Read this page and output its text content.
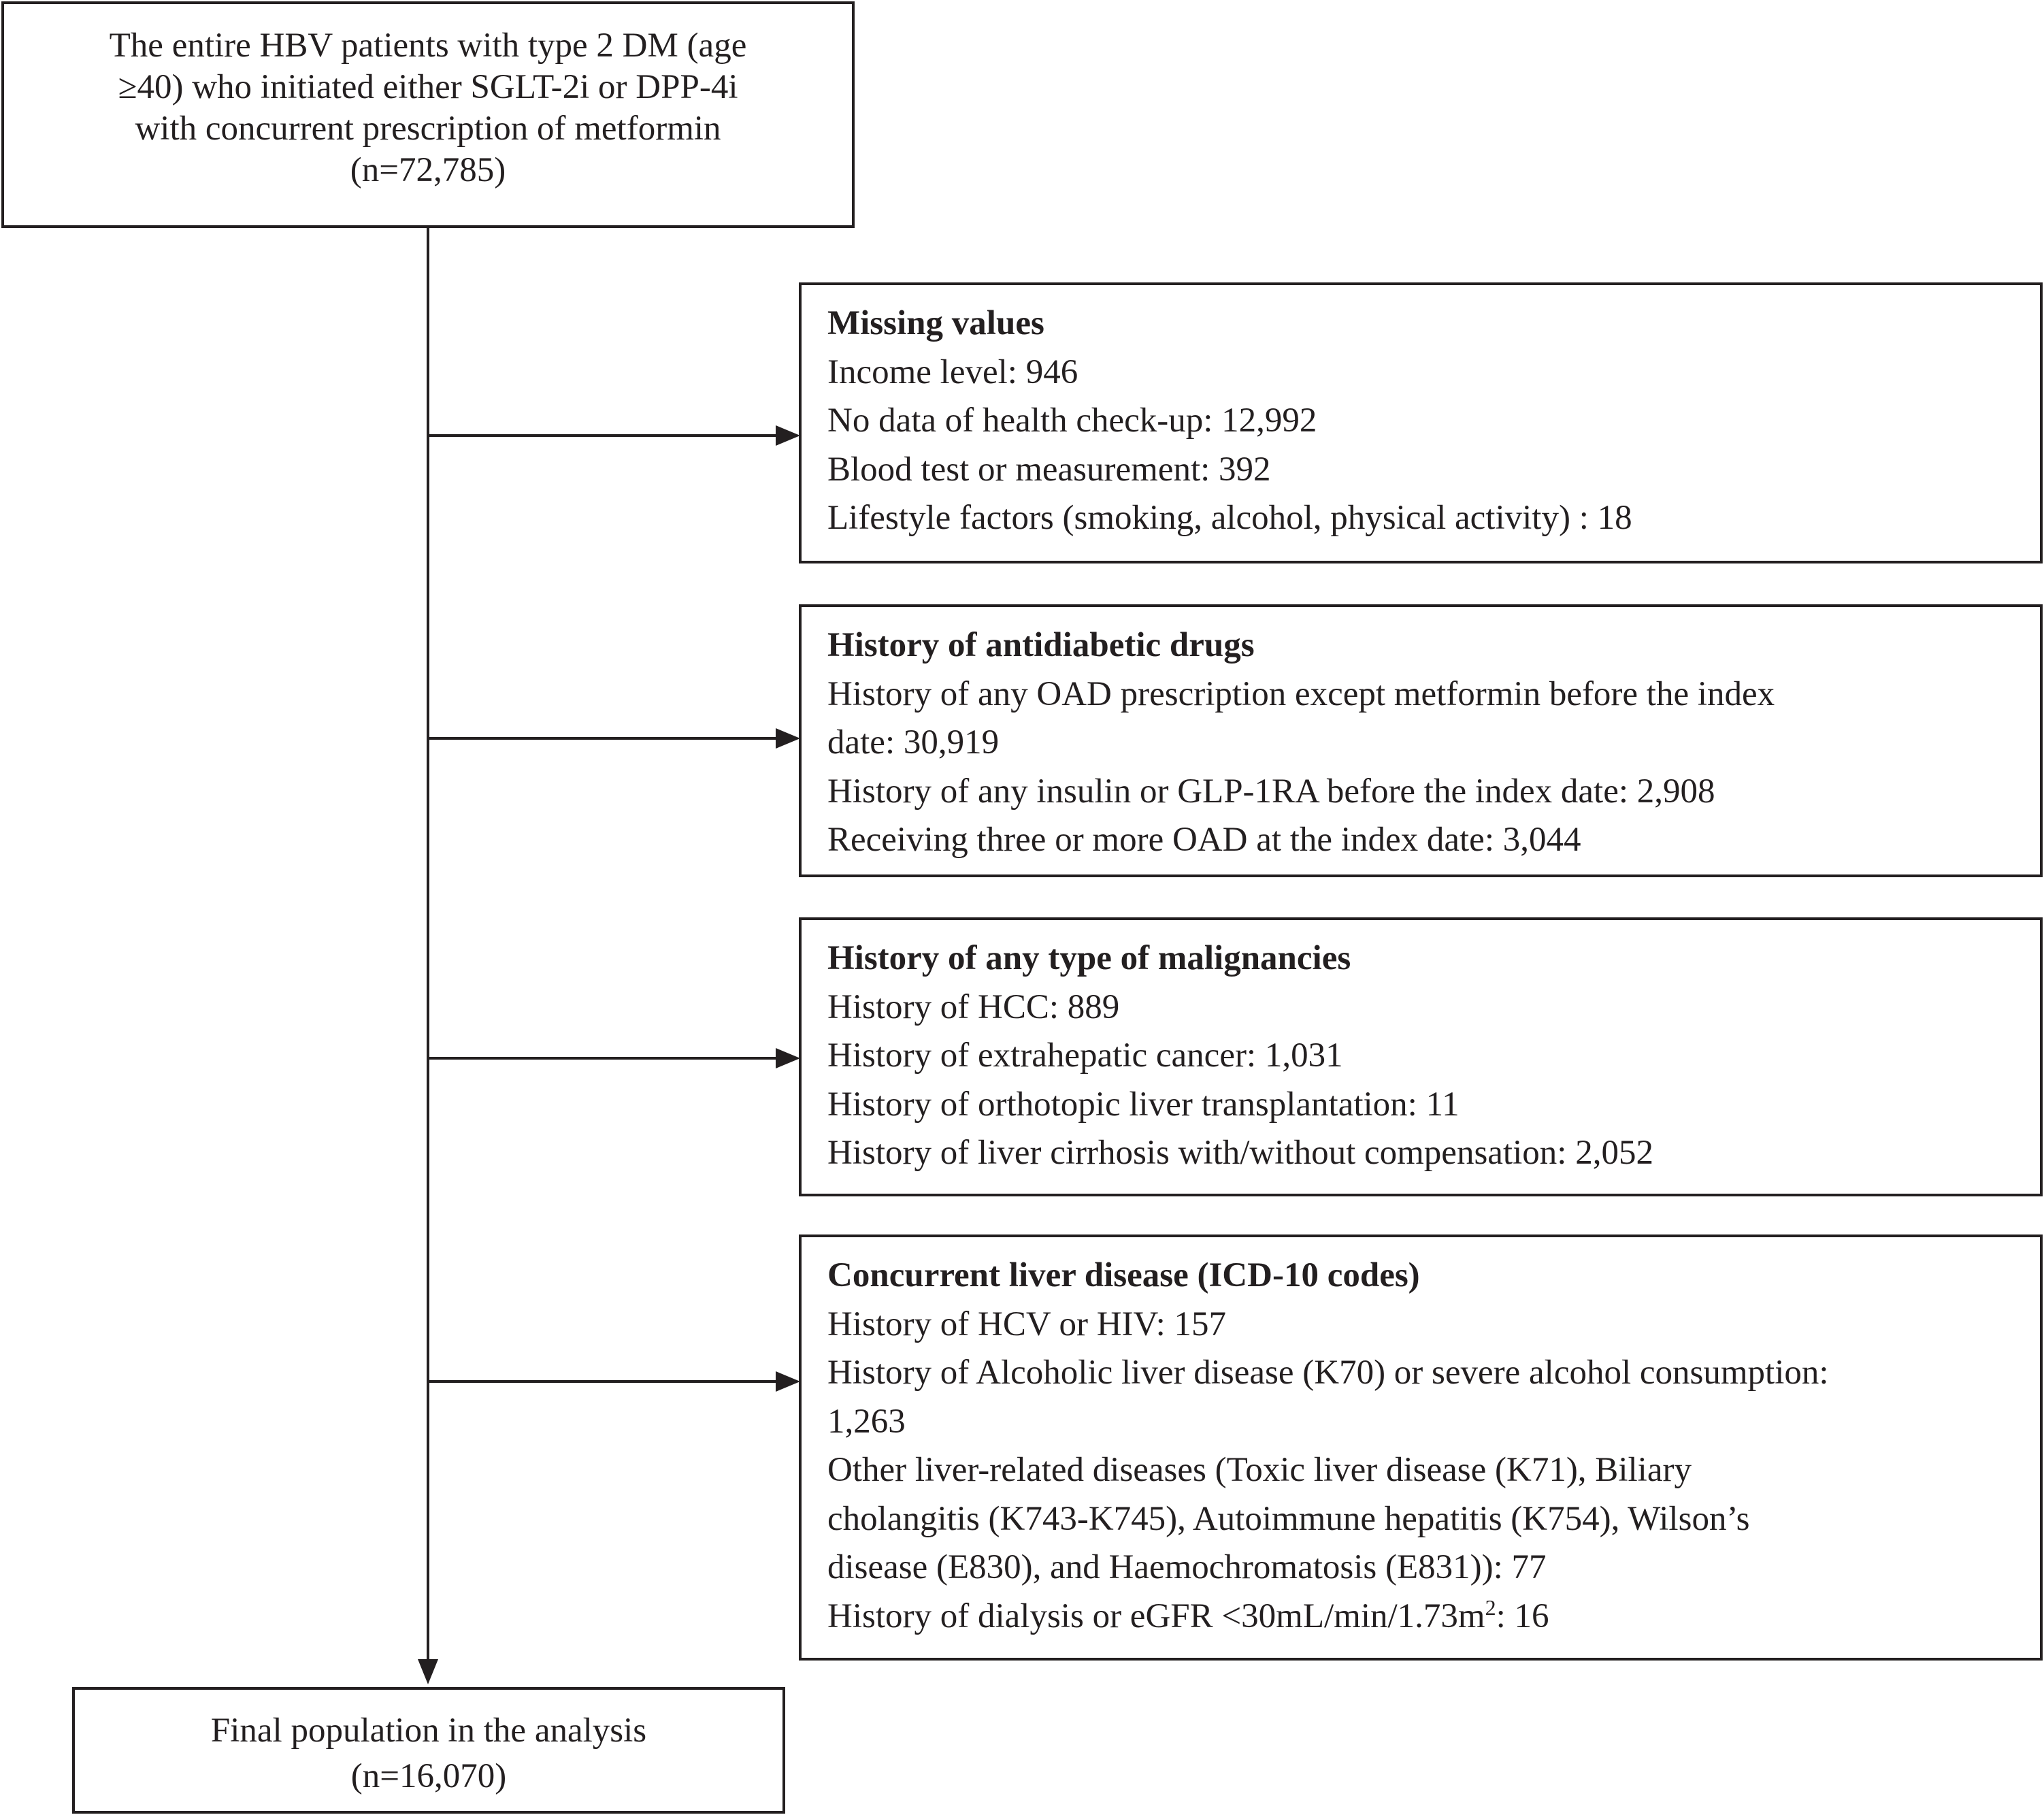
The entire HBV patients with type 2 DM (age
≥40) who initiated either SGLT-2i or DPP-4i
with concurrent prescription of metformin
(n=72,785)
Missing values
Income level: 946
No data of health check-up: 12,992
Blood test or measurement: 392
Lifestyle factors (smoking, alcohol, physical activity) : 18
History of antidiabetic drugs
History of any OAD prescription except metformin before the index
date: 30,919
History of any insulin or GLP-1RA before the index date: 2,908
Receiving three or more OAD at the index date: 3,044
History of any type of malignancies
History of HCC: 889
History of extrahepatic cancer: 1,031
History of orthotopic liver transplantation: 11
History of liver cirrhosis with/without compensation: 2,052
Concurrent liver disease (ICD-10 codes)
History of HCV or HIV: 157
History of Alcoholic liver disease (K70) or severe alcohol consumption:
1,263
Other liver-related diseases (Toxic liver disease (K71), Biliary
cholangitis (K743-K745), Autoimmune hepatitis (K754), Wilson’s
disease (E830), and Haemochromatosis (E831)): 77
History of dialysis or eGFR $<30mL/\min/1.73m^2$: 16
Final population in the analysis
(n=16,070)
